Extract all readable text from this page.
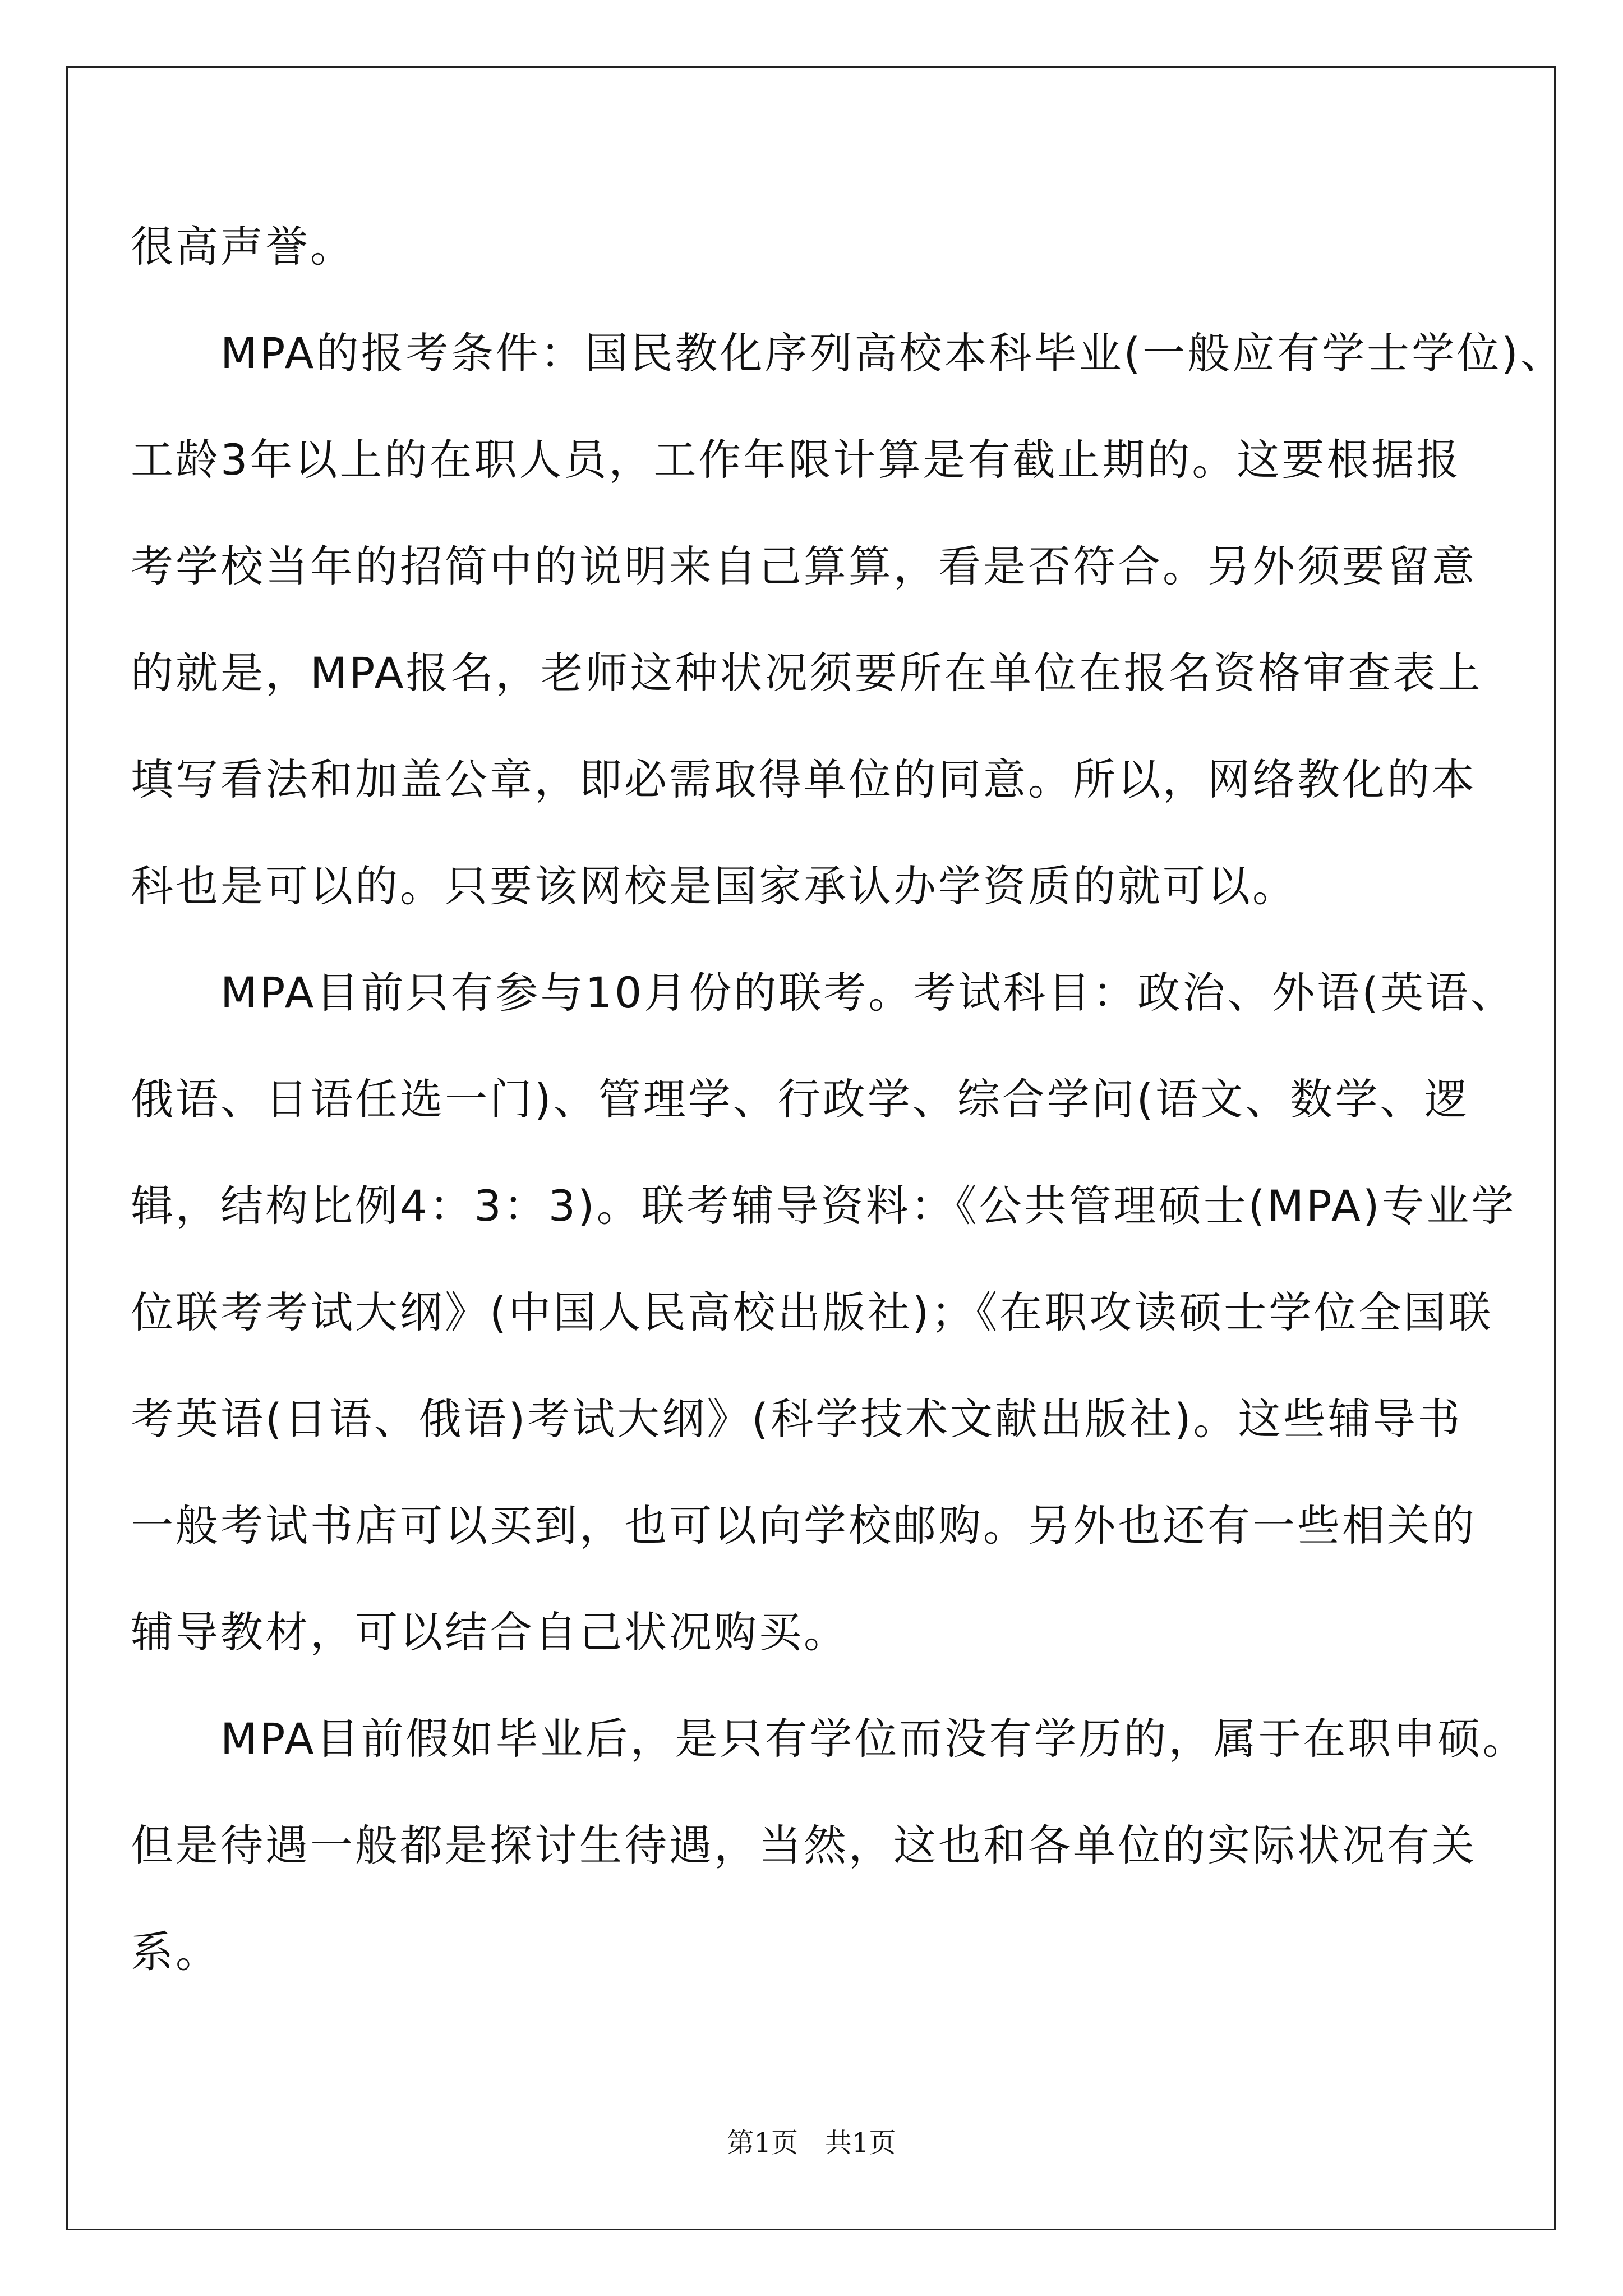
很高声誉。
　　MPA的报考条件：国民教化序列高校本科毕业(一般应有学士学位)、
工龄3年以上的在职人员，工作年限计算是有截止期的。这要根据报
考学校当年的招简中的说明来自己算算，看是否符合。另外须要留意
的就是，MPA报名，老师这种状况须要所在单位在报名资格审查表上
填写看法和加盖公章，即必需取得单位的同意。所以，网络教化的本
科也是可以的。只要该网校是国家承认办学资质的就可以。
　　MPA目前只有参与10月份的联考。考试科目：政治、外语(英语、
俄语、日语任选一门)、管理学、行政学、综合学问(语文、数学、逻
辑，结构比例4：3：3)。联考辅导资料：《公共管理硕士(MPA)专业学
位联考考试大纲》(中国人民高校出版社)；《在职攻读硕士学位全国联
考英语(日语、俄语)考试大纲》(科学技术文献出版社)。这些辅导书
一般考试书店可以买到，也可以向学校邮购。另外也还有一些相关的
辅导教材，可以结合自己状况购买。
　　MPA目前假如毕业后，是只有学位而没有学历的，属于在职申硕。
但是待遇一般都是探讨生待遇，当然，这也和各单位的实际状况有关
系。
第1页　共1页
